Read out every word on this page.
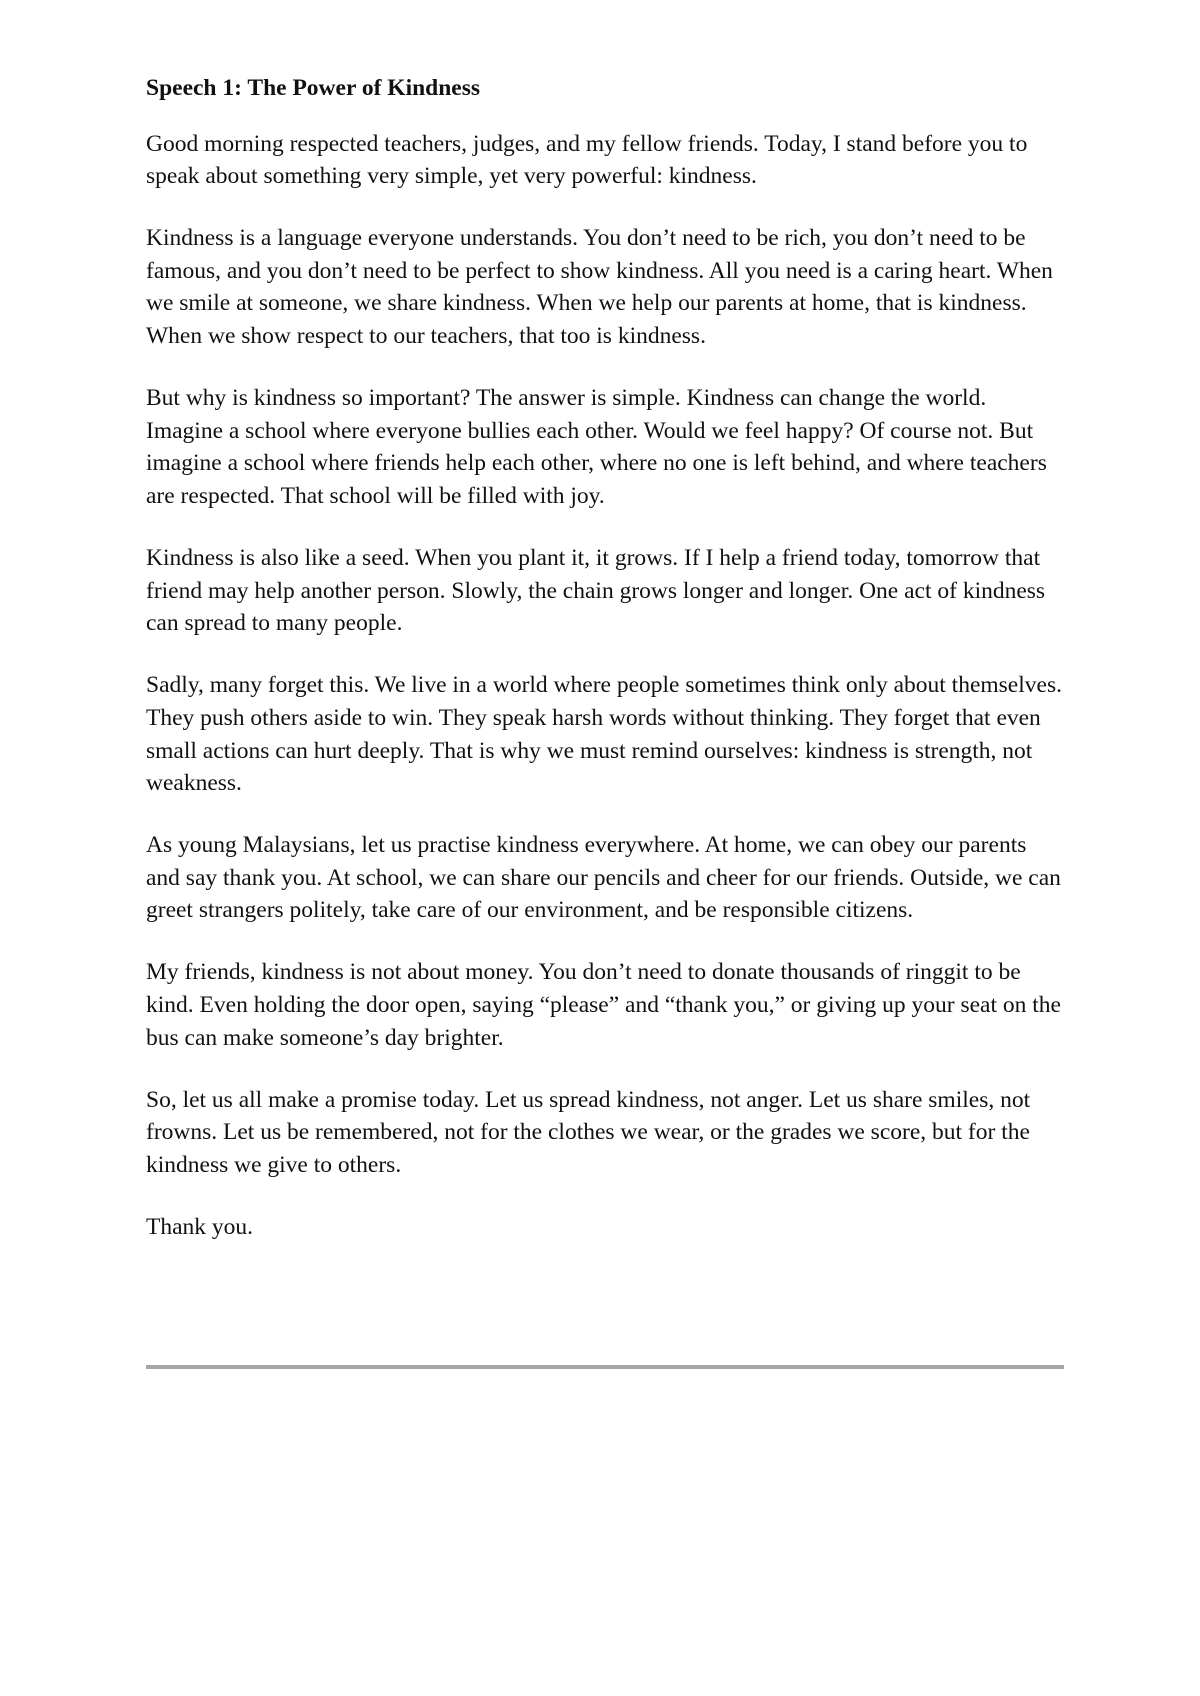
Speech 1: The Power of Kindness
Good morning respected teachers, judges, and my fellow friends. Today, I stand before you to speak about something very simple, yet very powerful: kindness.
Kindness is a language everyone understands. You don’t need to be rich, you don’t need to be famous, and you don’t need to be perfect to show kindness. All you need is a caring heart. When we smile at someone, we share kindness. When we help our parents at home, that is kindness. When we show respect to our teachers, that too is kindness.
But why is kindness so important? The answer is simple. Kindness can change the world. Imagine a school where everyone bullies each other. Would we feel happy? Of course not. But imagine a school where friends help each other, where no one is left behind, and where teachers are respected. That school will be filled with joy.
Kindness is also like a seed. When you plant it, it grows. If I help a friend today, tomorrow that friend may help another person. Slowly, the chain grows longer and longer. One act of kindness can spread to many people.
Sadly, many forget this. We live in a world where people sometimes think only about themselves. They push others aside to win. They speak harsh words without thinking. They forget that even small actions can hurt deeply. That is why we must remind ourselves: kindness is strength, not weakness.
As young Malaysians, let us practise kindness everywhere. At home, we can obey our parents and say thank you. At school, we can share our pencils and cheer for our friends. Outside, we can greet strangers politely, take care of our environment, and be responsible citizens.
My friends, kindness is not about money. You don’t need to donate thousands of ringgit to be kind. Even holding the door open, saying “please” and “thank you,” or giving up your seat on the bus can make someone’s day brighter.
So, let us all make a promise today. Let us spread kindness, not anger. Let us share smiles, not frowns. Let us be remembered, not for the clothes we wear, or the grades we score, but for the kindness we give to others.
Thank you.
